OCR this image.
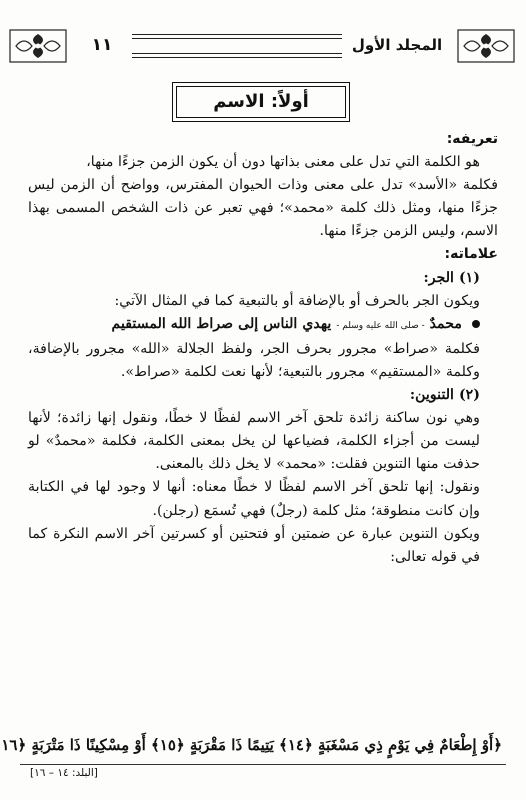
١١	المجلد الأول
أولاً: الاسم

تعريفه:

هو الكلمة التي تدل على معنى بذاتها دون أن يكون الزمن جزءًا منها،

فكلمة «الأسد» تدل على معنى وذات الحيوان المفترس، وواضح أن الزمن ليس جزءًا منها، ومثل ذلك كلمة «محمد»؛ فهي تعبر عن ذات الشخص المسمى بهذا الاسم، وليس الزمن جزءًا منها.

علاماته:

(١) الجر:

ويكون الجر بالحرف أو بالإضافة أو بالتبعية كما في المثال الآتي:

محمدٌ - صلى الله عليه وسلم - يهدي الناس إلى صراط الله المستقيم

فكلمة «صراط» مجرور بحرف الجر، ولفظ الجلالة «الله» مجرور بالإضافة، وكلمة «المستقيم» مجرور بالتبعية؛ لأنها نعت لكلمة «صراط».

(٢) التنوين:

وهي نون ساكنة زائدة تلحق آخر الاسم لفظًا لا خطًا، ونقول إنها زائدة؛ لأنها ليست من أجزاء الكلمة، فضياعها لن يخل بمعنى الكلمة، فكلمة «محمدٌ» لو حذفت منها التنوين فقلت: «محمد» لا يخل ذلك بالمعنى.

ونقول: إنها تلحق آخر الاسم لفظًا لا خطًا معناه: أنها لا وجود لها في الكتابة وإن كانت منطوقة؛ مثل كلمة (رجلٌ) فهي تُسمَع (رجلن).

ويكون التنوين عبارة عن ضمتين أو فتحتين أو كسرتين آخر الاسم النكرة كما في قوله تعالى:

﴿أَوْ إِطْعَامٌ فِي يَوْمٍ ذِي مَسْغَبَةٍ ﴿١٤﴾ يَتِيمًا ذَا مَقْرَبَةٍ ﴿١٥﴾ أَوْ مِسْكِينًا ذَا مَتْرَبَةٍ ﴿١٦
[البلد: ١٤ – ١٦]
